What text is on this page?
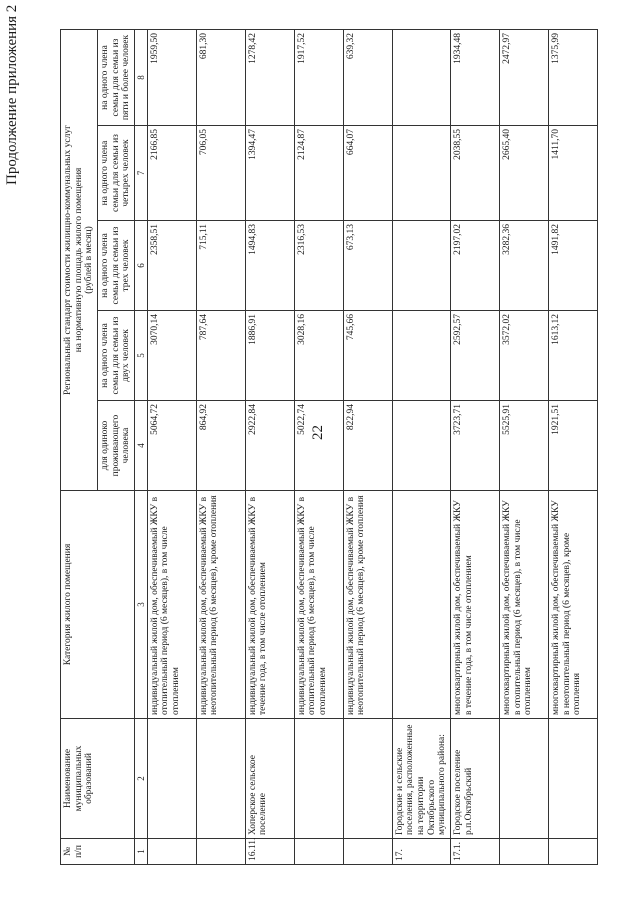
22
Продолжение приложения 2
№ п/п	Наименование муниципальных образований	Категория жилого помещения	Региональный стандарт стоимости жилищно-коммунальных услуг на нормативную площадь жилого помещения (рублей в месяц)				

			для одиноко проживающего человека	на одного члена семьи для семьи из двух человек	на одного члена семьи для семьи из трех человек	на одного члена семьи для семьи из четырех человек	на одного члена семьи для семьи из пяти и более человек
1	2	3	4	5	6	7	8
		индивидуальный жилой дом, обеспечиваемый ЖКУ в отопительный период (6 месяцев), в том числе отоплением	5064,72	3070,14	2358,51	2166,85	1959,50
		индивидуальный жилой дом, обеспечиваемый ЖКУ в неотопительный период (6 месяцев), кроме отопления	864,92	787,64	715,11	706,05	681,30
16.11.	Хоперское сельское поселение	индивидуальный жилой дом, обеспечиваемый ЖКУ в течение года, в том числе отоплением	2922,84	1886,91	1494,83	1394,47	1278,42
		индивидуальный жилой дом, обеспечиваемый ЖКУ в отопительный период (6 месяцев), в том числе отоплением	5022,74	3028,16	2316,53	2124,87	1917,52
		индивидуальный жилой дом, обеспечиваемый ЖКУ в неотопительный период (6 месяцев), кроме отопления	822,94	745,66	673,13	664,07	639,32
17.	Городские и сельские поселения, расположенные на территории Октябрьского муниципального района:						
17.1.	Городское поселение р.п.Октябрьский	многоквартирный жилой дом, обеспечиваемый ЖКУ в течение года, в том числе отоплением	3723,71	2592,57	2197,02	2038,55	1934,48
		многоквартирный жилой дом, обеспечиваемый ЖКУ в отопительный период (6 месяцев), в том числе отоплением	5525,91	3572,02	3282,36	2665,40	2472,97
		многоквартирный жилой дом, обеспечиваемый ЖКУ в неотопительный период (6 месяцев), кроме отопления	1921,51	1613,12	1491,82	1411,70	1375,99
